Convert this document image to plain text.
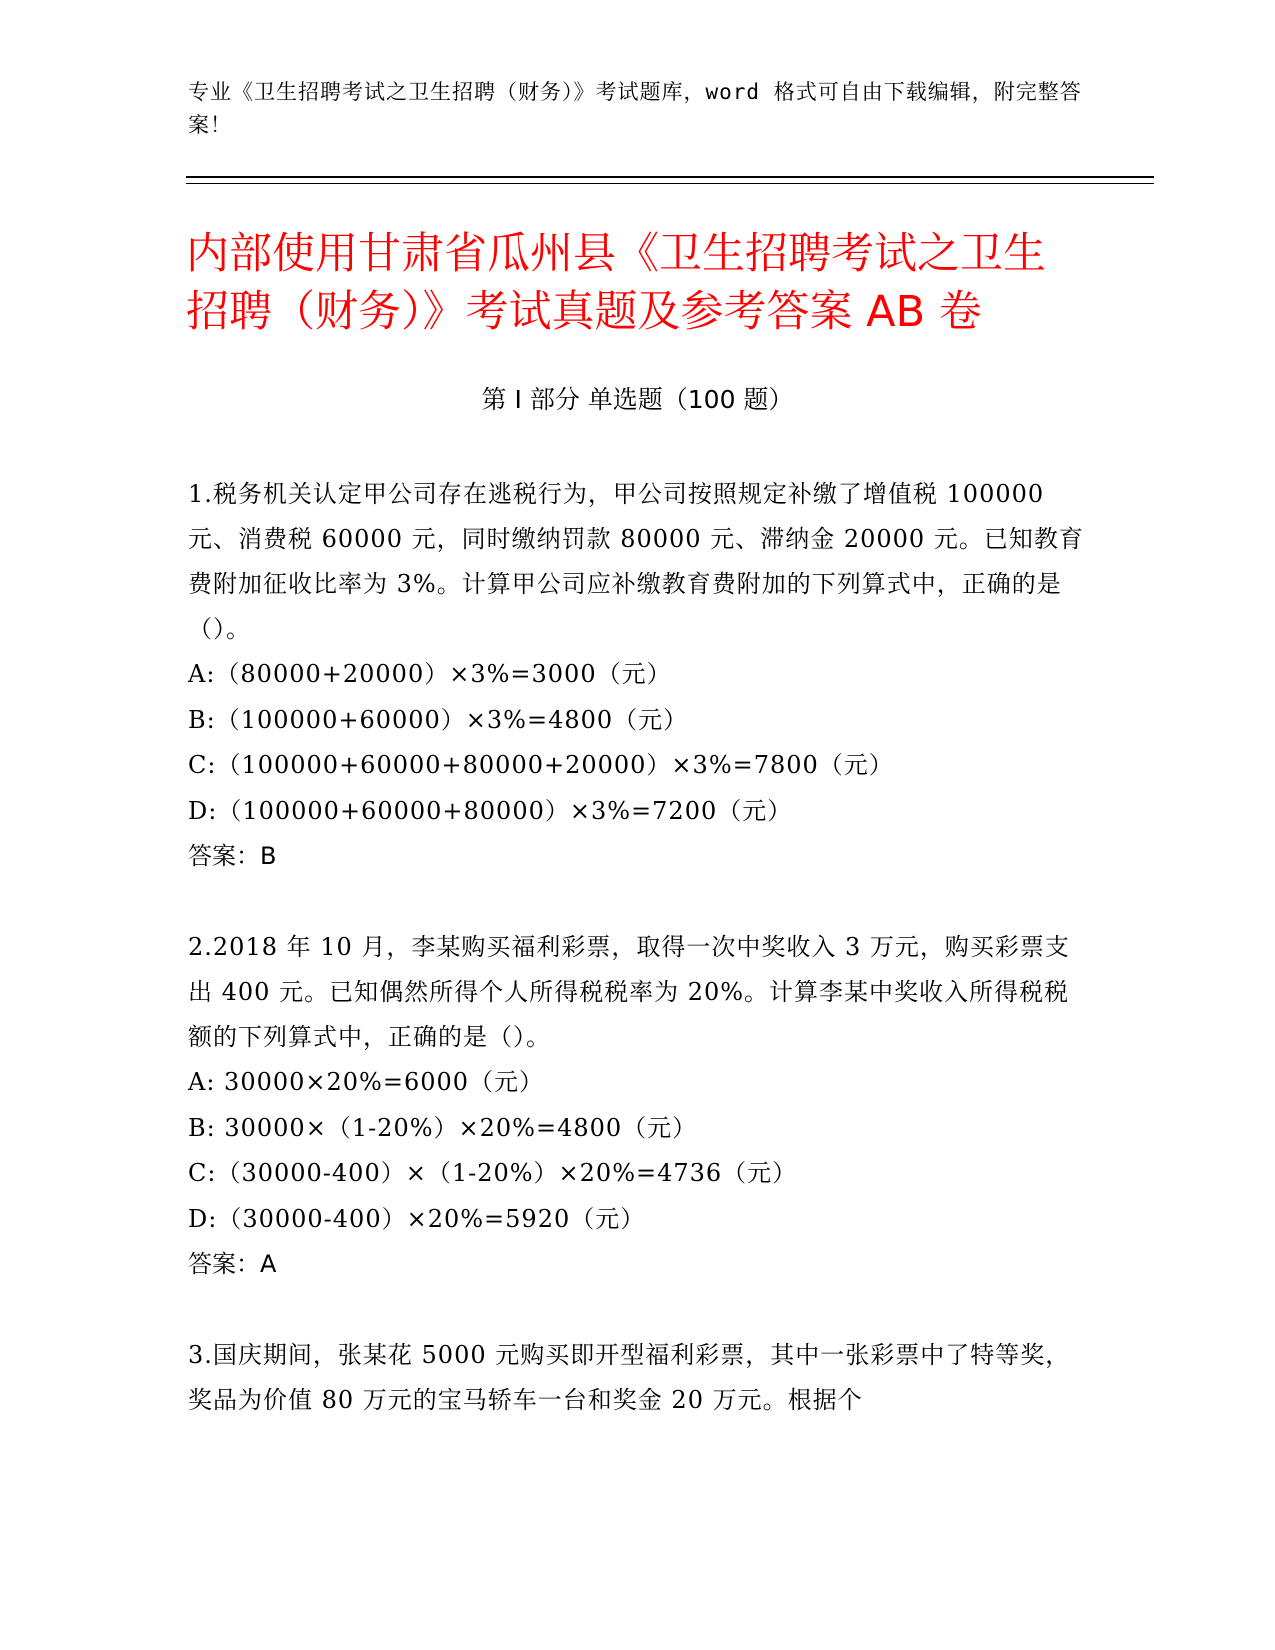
专业《卫生招聘考试之卫生招聘（财务）》考试题库，word 格式可自由下载编辑，附完整答案！
内部使用甘肃省瓜州县《卫生招聘考试之卫生招聘（财务）》考试真题及参考答案 AB 卷
第 I 部分 单选题（100 题）

1.税务机关认定甲公司存在逃税行为，甲公司按照规定补缴了增值税 100000 元、消费税 60000 元，同时缴纳罚款 80000 元、滞纳金 20000 元。已知教育费附加征收比率为 3%。计算甲公司应补缴教育费附加的下列算式中，正确的是（）。

A:（80000+20000）×3%=3000（元）

B:（100000+60000）×3%=4800（元）

C:（100000+60000+80000+20000）×3%=7800（元）

D:（100000+60000+80000）×3%=7200（元）

答案：B

2.2018 年 10 月，李某购买福利彩票，取得一次中奖收入 3 万元，购买彩票支出 400 元。已知偶然所得个人所得税税率为 20%。计算李某中奖收入所得税税额的下列算式中，正确的是（）。

A: 30000×20%=6000（元）

B: 30000×（1-20%）×20%=4800（元）

C:（30000-400）×（1-20%）×20%=4736（元）

D:（30000-400）×20%=5920（元）

答案：A

3.国庆期间，张某花 5000 元购买即开型福利彩票，其中一张彩票中了特等奖，奖品为价值 80 万元的宝马轿车一台和奖金 20 万元。根据个
